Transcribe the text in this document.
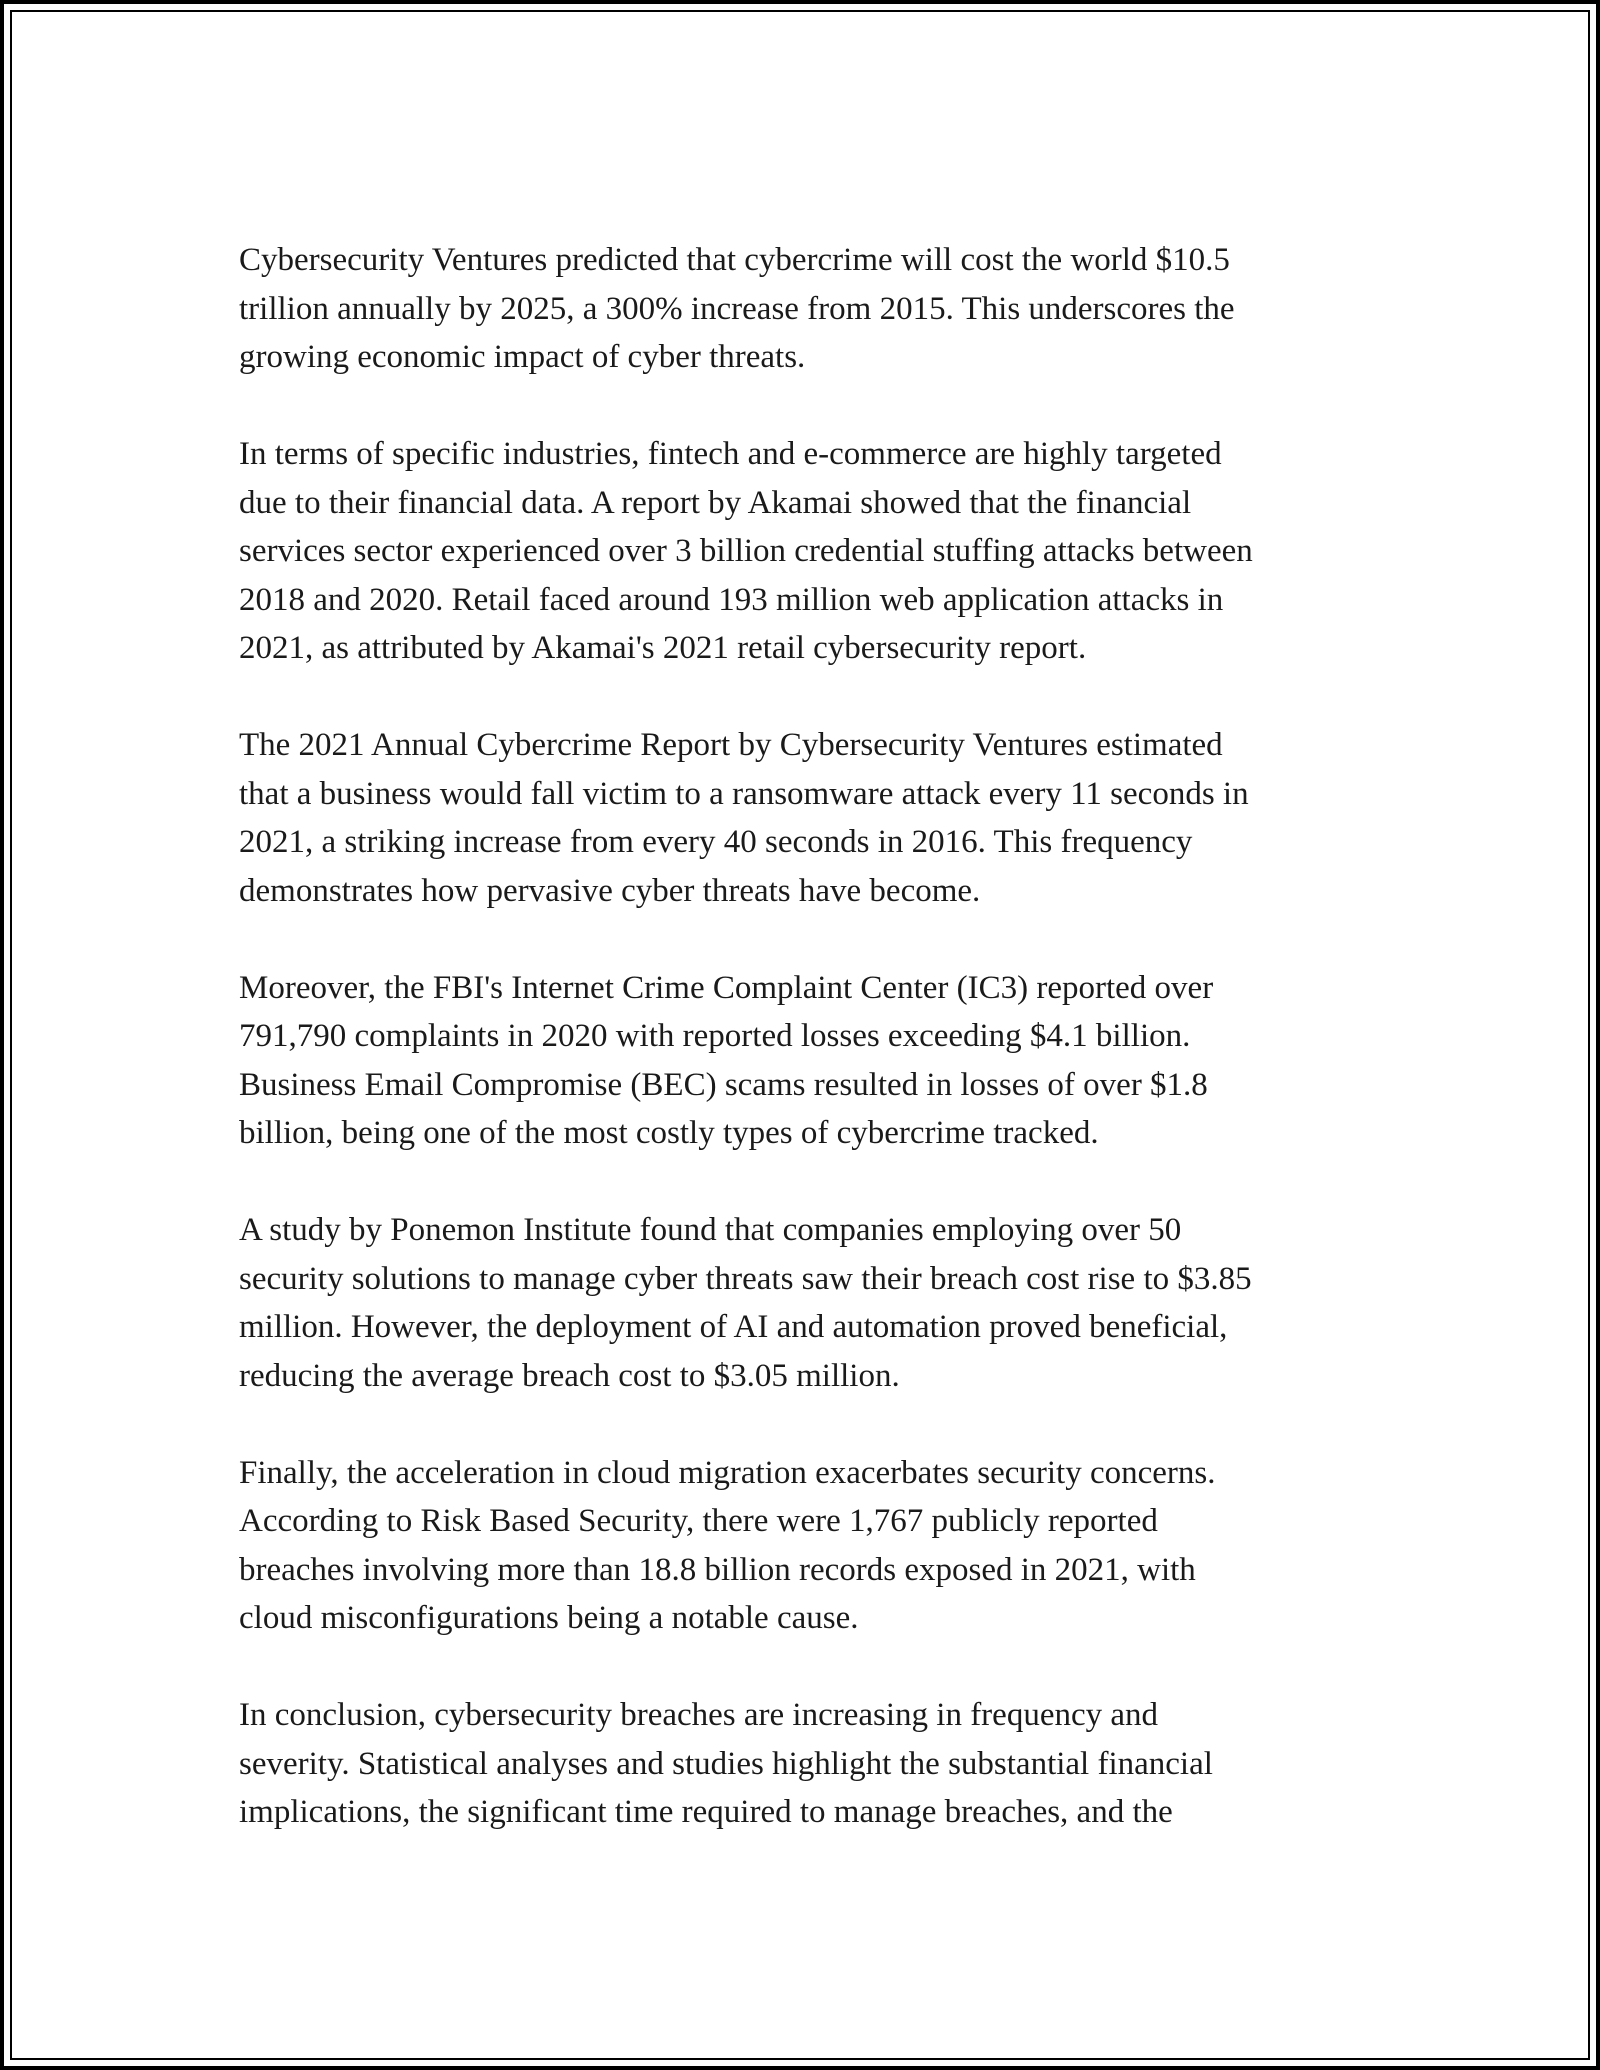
Cybersecurity Ventures predicted that cybercrime will cost the world $10.5
trillion annually by 2025, a 300% increase from 2015. This underscores the
growing economic impact of cyber threats.

In terms of specific industries, fintech and e-commerce are highly targeted
due to their financial data. A report by Akamai showed that the financial
services sector experienced over 3 billion credential stuffing attacks between
2018 and 2020. Retail faced around 193 million web application attacks in
2021, as attributed by Akamai's 2021 retail cybersecurity report.

The 2021 Annual Cybercrime Report by Cybersecurity Ventures estimated
that a business would fall victim to a ransomware attack every 11 seconds in
2021, a striking increase from every 40 seconds in 2016. This frequency
demonstrates how pervasive cyber threats have become.

Moreover, the FBI's Internet Crime Complaint Center (IC3) reported over
791,790 complaints in 2020 with reported losses exceeding $4.1 billion.
Business Email Compromise (BEC) scams resulted in losses of over $1.8
billion, being one of the most costly types of cybercrime tracked.

A study by Ponemon Institute found that companies employing over 50
security solutions to manage cyber threats saw their breach cost rise to $3.85
million. However, the deployment of AI and automation proved beneficial,
reducing the average breach cost to $3.05 million.

Finally, the acceleration in cloud migration exacerbates security concerns.
According to Risk Based Security, there were 1,767 publicly reported
breaches involving more than 18.8 billion records exposed in 2021, with
cloud misconfigurations being a notable cause.

In conclusion, cybersecurity breaches are increasing in frequency and
severity. Statistical analyses and studies highlight the substantial financial
implications, the significant time required to manage breaches, and the
